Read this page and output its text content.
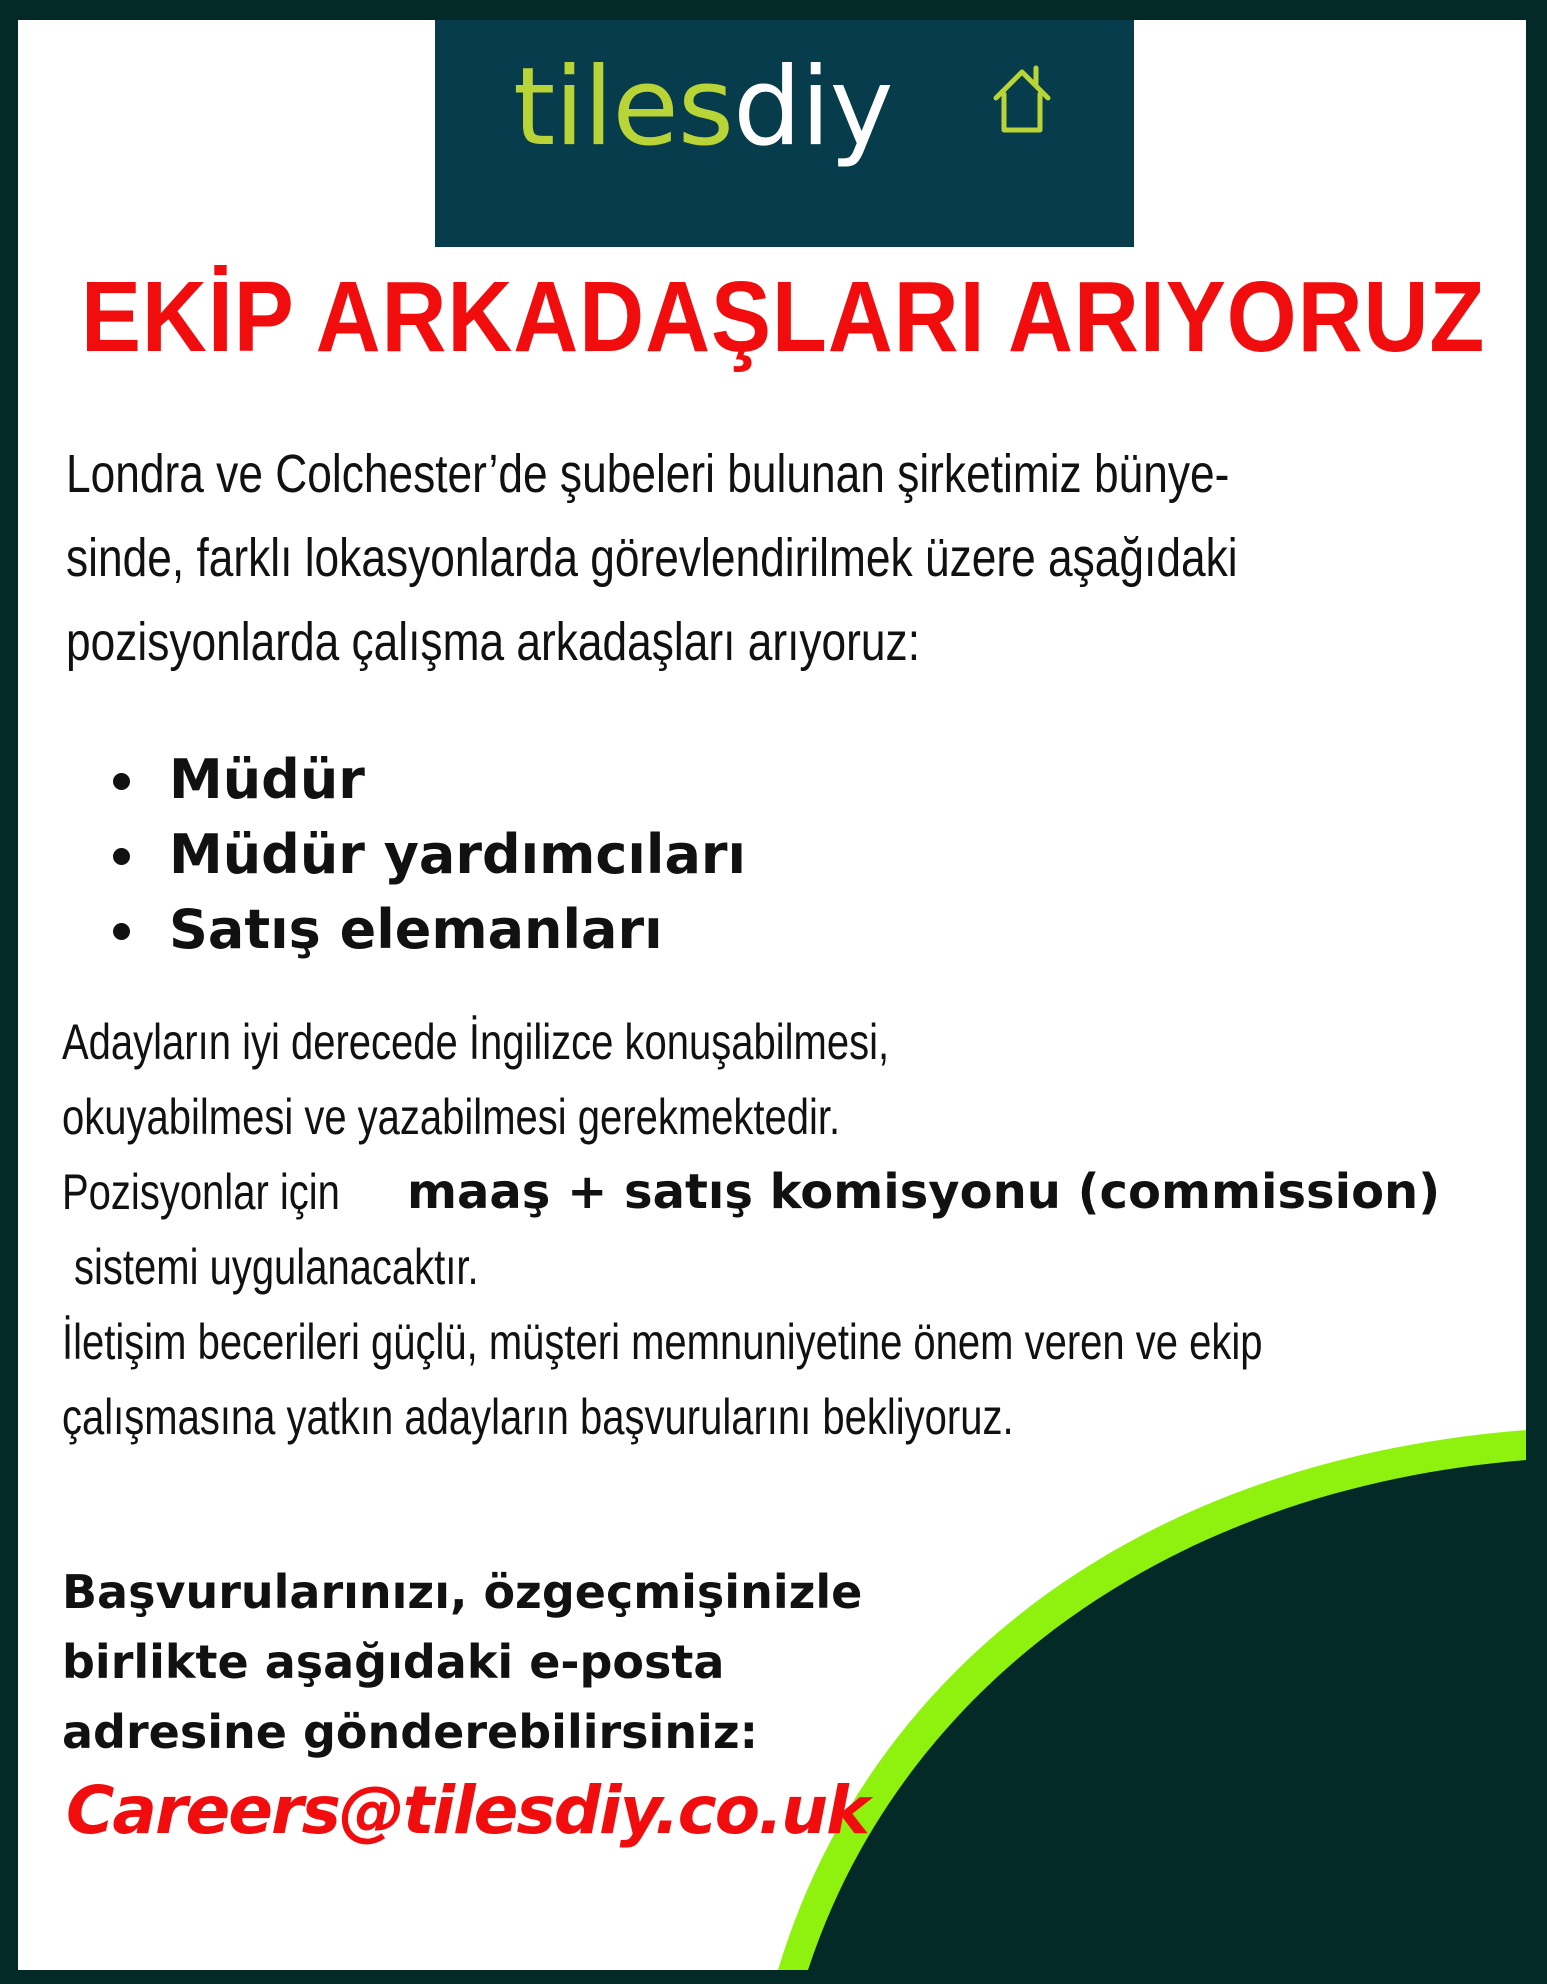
tilesdiy
EKİP ARKADAŞLARI ARIYORUZ
Londra ve Colchester’de şubeleri bulunan şirketimiz bünye-
sinde, farklı lokasyonlarda görevlendirilmek üzere aşağıdaki
pozisyonlarda çalışma arkadaşları arıyoruz:
Müdür
Müdür yardımcıları
Satış elemanları
Adayların iyi derecede İngilizce konuşabilmesi,
okuyabilmesi ve yazabilmesi gerekmektedir.
Pozisyonlar için maaş + satış komisyonu (commission)
sistemi uygulanacaktır.
İletişim becerileri güçlü, müşteri memnuniyetine önem veren ve ekip
çalışmasına yatkın adayların başvurularını bekliyoruz.
Başvurularınızı, özgeçmişinizle
birlikte aşağıdaki e-posta
adresine gönderebilirsiniz:
Careers@tilesdiy.co.uk
